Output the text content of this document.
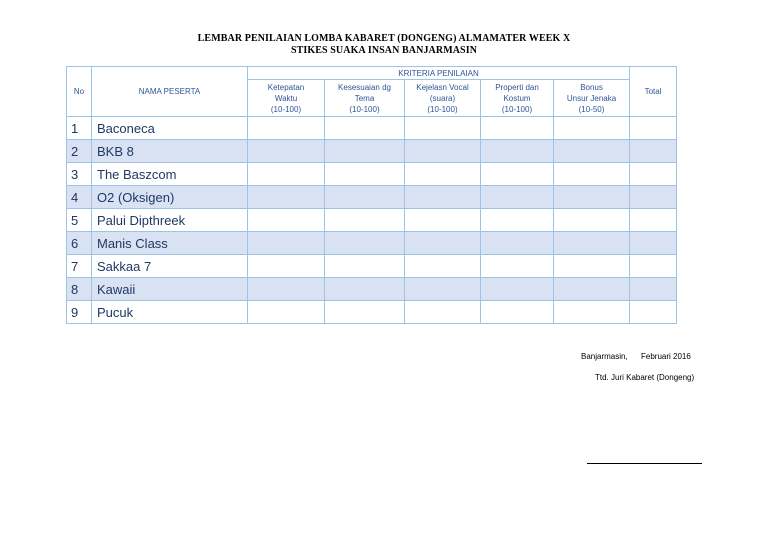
LEMBAR PENILAIAN LOMBA KABARET (DONGENG) ALMAMATER WEEK X
STIKES SUAKA INSAN BANJARMASIN
No	NAMA PESERTA	KRITERIA PENILAIAN					Total

		Ketepatan
Waktu
(10-100)	Kesesuaian dg
Tema
(10-100)	Kejelasn Vocal
(suara)
(10-100)	Properti dan
Kostum
(10-100)	Bonus
Unsur Jenaka
(10-50)	

1	Baconeca						
2	BKB 8						
3	The Baszcom						
4	O2 (Oksigen)						
5	Palui Dipthreek						
6	Manis Class						
7	Sakkaa 7						
8	Kawaii						
9	Pucuk						
Banjarmasin,      Februari 2016
Ttd. Juri Kabaret (Dongeng)
